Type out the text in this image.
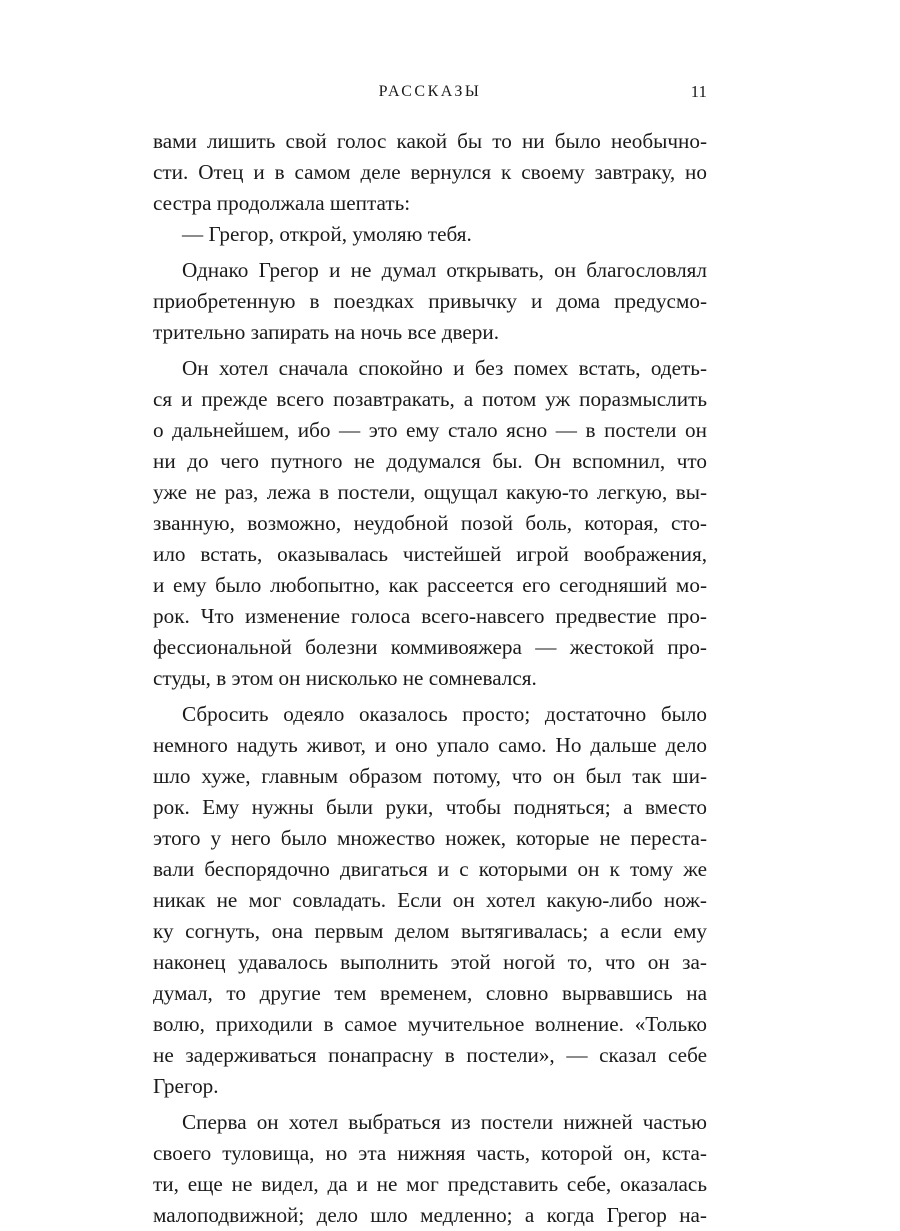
РАССКАЗЫ	11
вами лишить свой голос какой бы то ни было необычно-
сти. Отец и в самом деле вернулся к своему завтраку, но
сестра продолжала шептать:
— Грегор, открой, умоляю тебя.
Однако Грегор и не думал открывать, он благословлял
приобретенную в поездках привычку и дома предусмо-
трительно запирать на ночь все двери.
Он хотел сначала спокойно и без помех встать, одеть-
ся и прежде всего позавтракать, а потом уж поразмыслить
о дальнейшем, ибо — это ему стало ясно — в постели он
ни до чего путного не додумался бы. Он вспомнил, что
уже не раз, лежа в постели, ощущал какую-то легкую, вы-
званную, возможно, неудобной позой боль, которая, сто-
ило встать, оказывалась чистейшей игрой воображения,
и ему было любопытно, как рассеется его сегодняший мо-
рок. Что изменение голоса всего-навсего предвестие про-
фессиональной болезни коммивояжера — жестокой про-
студы, в этом он нисколько не сомневался.
Сбросить одеяло оказалось просто; достаточно было
немного надуть живот, и оно упало само. Но дальше дело
шло хуже, главным образом потому, что он был так ши-
рок. Ему нужны были руки, чтобы подняться; а вместо
этого у него было множество ножек, которые не переста-
вали беспорядочно двигаться и с которыми он к тому же
никак не мог совладать. Если он хотел какую-либо нож-
ку согнуть, она первым делом вытягивалась; а если ему
наконец удавалось выполнить этой ногой то, что он за-
думал, то другие тем временем, словно вырвавшись на
волю, приходили в самое мучительное волнение. «Только
не задерживаться понапрасну в постели», — сказал себе
Грегор.
Сперва он хотел выбраться из постели нижней частью
своего туловища, но эта нижняя часть, которой он, кста-
ти, еще не видел, да и не мог представить себе, оказалась
малоподвижной; дело шло медленно; а когда Грегор на-
